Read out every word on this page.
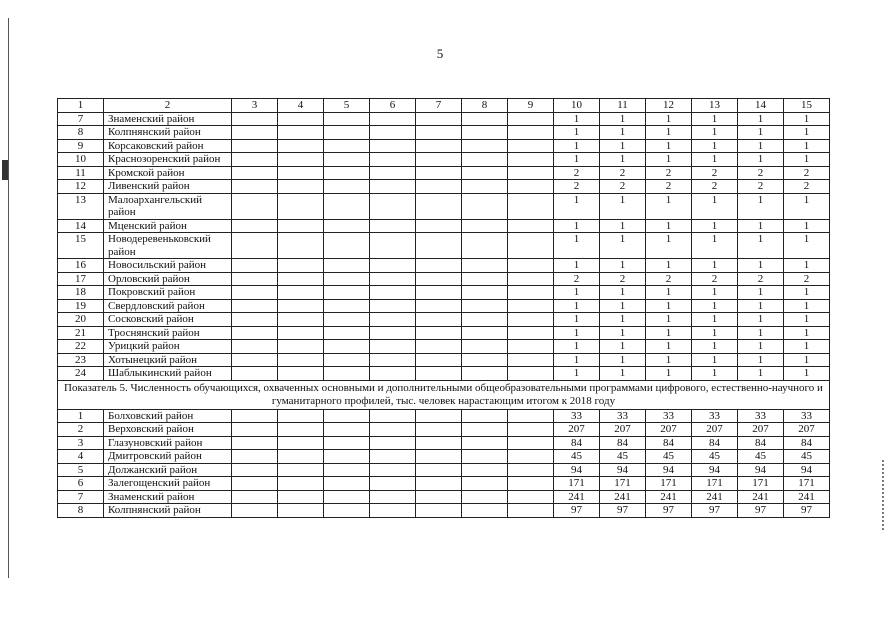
5
1	2	3	4	5	6	7	8	9	10	11	12	13	14	15
7	Знаменский район								1	1	1	1	1	1
8	Колпнянский район								1	1	1	1	1	1
9	Корсаковский район								1	1	1	1	1	1
10	Краснозоренский район								1	1	1	1	1	1
11	Кромской район								2	2	2	2	2	2
12	Ливенский район								2	2	2	2	2	2
13	Малоархангельский район								1	1	1	1	1	1
14	Мценский район								1	1	1	1	1	1
15	Новодеревеньковский район								1	1	1	1	1	1
16	Новосильский район								1	1	1	1	1	1
17	Орловский район								2	2	2	2	2	2
18	Покровский район								1	1	1	1	1	1
19	Свердловский район								1	1	1	1	1	1
20	Сосковский район								1	1	1	1	1	1
21	Троснянский район								1	1	1	1	1	1
22	Урицкий район								1	1	1	1	1	1
23	Хотынецкий район								1	1	1	1	1	1
24	Шаблыкинский район								1	1	1	1	1	1
Показатель 5. Численность обучающихся, охваченных основными и дополнительными общеобразовательными программами цифрового, естественно-научного и гуманитарного профилей, тыс. человек нарастающим итогом к 2018 году														
1	Болховский район								33	33	33	33	33	33
2	Верховский район								207	207	207	207	207	207
3	Глазуновский район								84	84	84	84	84	84
4	Дмитровский район								45	45	45	45	45	45
5	Должанский район								94	94	94	94	94	94
6	Залегощенский район								171	171	171	171	171	171
7	Знаменский район								241	241	241	241	241	241
8	Колпнянский район								97	97	97	97	97	97
